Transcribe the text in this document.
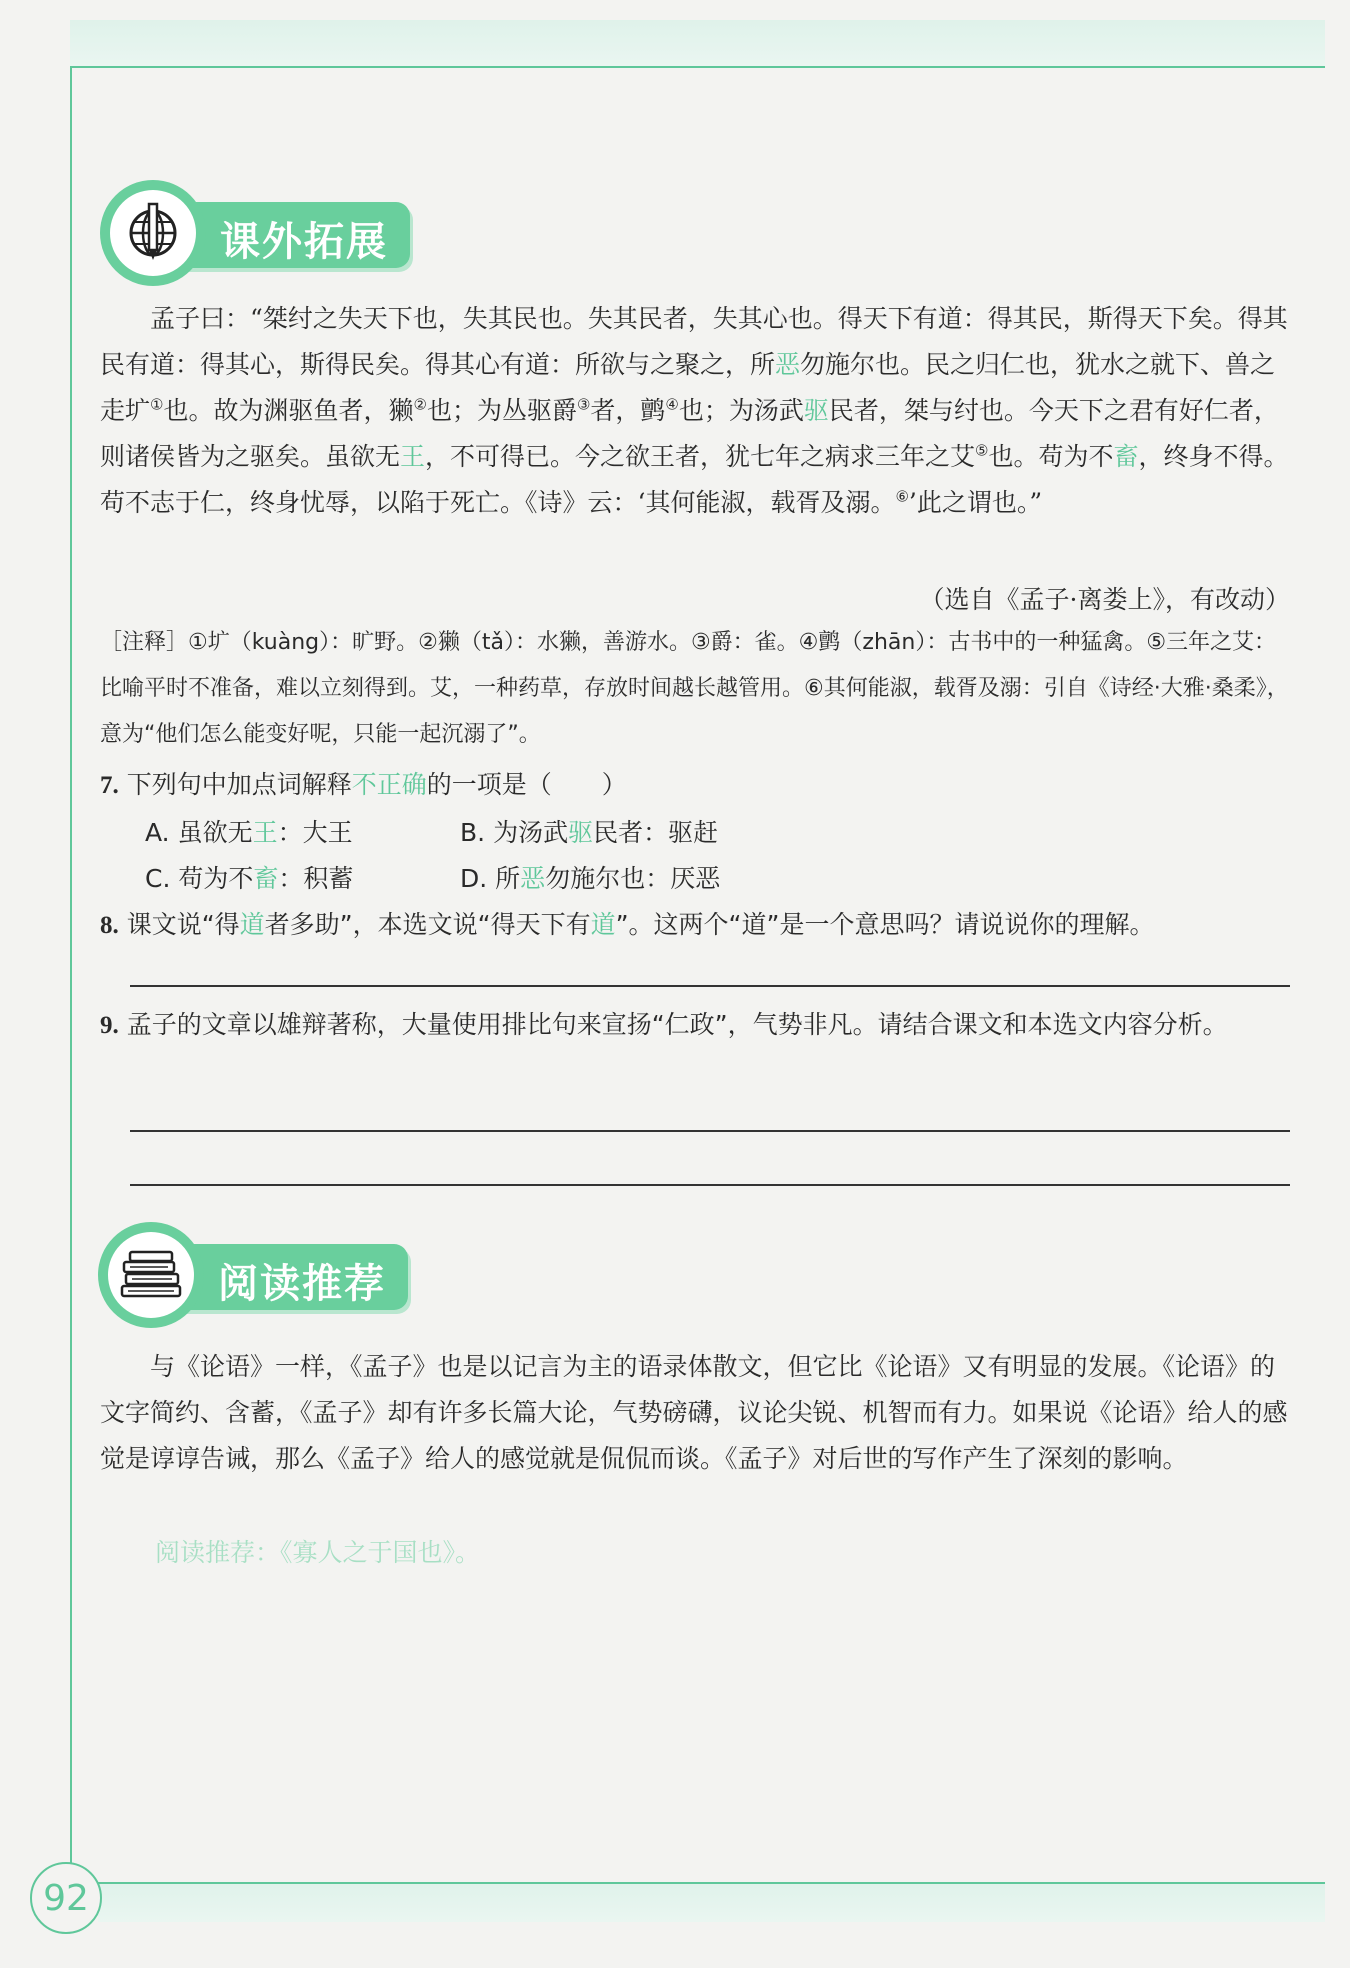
课外拓展

孟子曰：“桀纣之失天下也，失其民也。失其民者，失其心也。得天下有道：得其民，斯得天下矣。得其民有道：得其心，斯得民矣。得其心有道：所欲与之聚之，所恶勿施尔也。民之归仁也，犹水之就下、兽之走圹①也。故为渊驱鱼者，獭②也；为丛驱爵③者，鹯④也；为汤武驱民者，桀与纣也。今天下之君有好仁者，则诸侯皆为之驱矣。虽欲无王，不可得已。今之欲王者，犹七年之病求三年之艾⑤也。苟为不畜，终身不得。苟不志于仁，终身忧辱，以陷于死亡。《诗》云：‘其何能淑，载胥及溺。⑥’此之谓也。”

（选自《孟子·离娄上》，有改动）

［注释］①圹（kuàng）：旷野。②獭（tǎ）：水獭，善游水。③爵：雀。④鹯（zhān）：古书中的一种猛禽。⑤三年之艾：比喻平时不准备，难以立刻得到。艾，一种药草，存放时间越长越管用。⑥其何能淑，载胥及溺：引自《诗经·大雅·桑柔》，意为“他们怎么能变好呢，只能一起沉溺了”。

7. 下列句中加点词解释不正确的一项是（　　）
A. 虽欲无王：大王	B. 为汤武驱民者：驱赶
C. 苟为不畜：积蓄	D. 所恶勿施尔也：厌恶
8. 课文说“得道者多助”，本选文说“得天下有道”。这两个“道”是一个意思吗？请说说你的理解。
9. 孟子的文章以雄辩著称，大量使用排比句来宣扬“仁政”，气势非凡。请结合课文和本选文内容分析。
阅读推荐

与《论语》一样，《孟子》也是以记言为主的语录体散文，但它比《论语》又有明显的发展。《论语》的文字简约、含蓄，《孟子》却有许多长篇大论，气势磅礴，议论尖锐、机智而有力。如果说《论语》给人的感觉是谆谆告诫，那么《孟子》给人的感觉就是侃侃而谈。《孟子》对后世的写作产生了深刻的影响。

阅读推荐：《寡人之于国也》。
92
